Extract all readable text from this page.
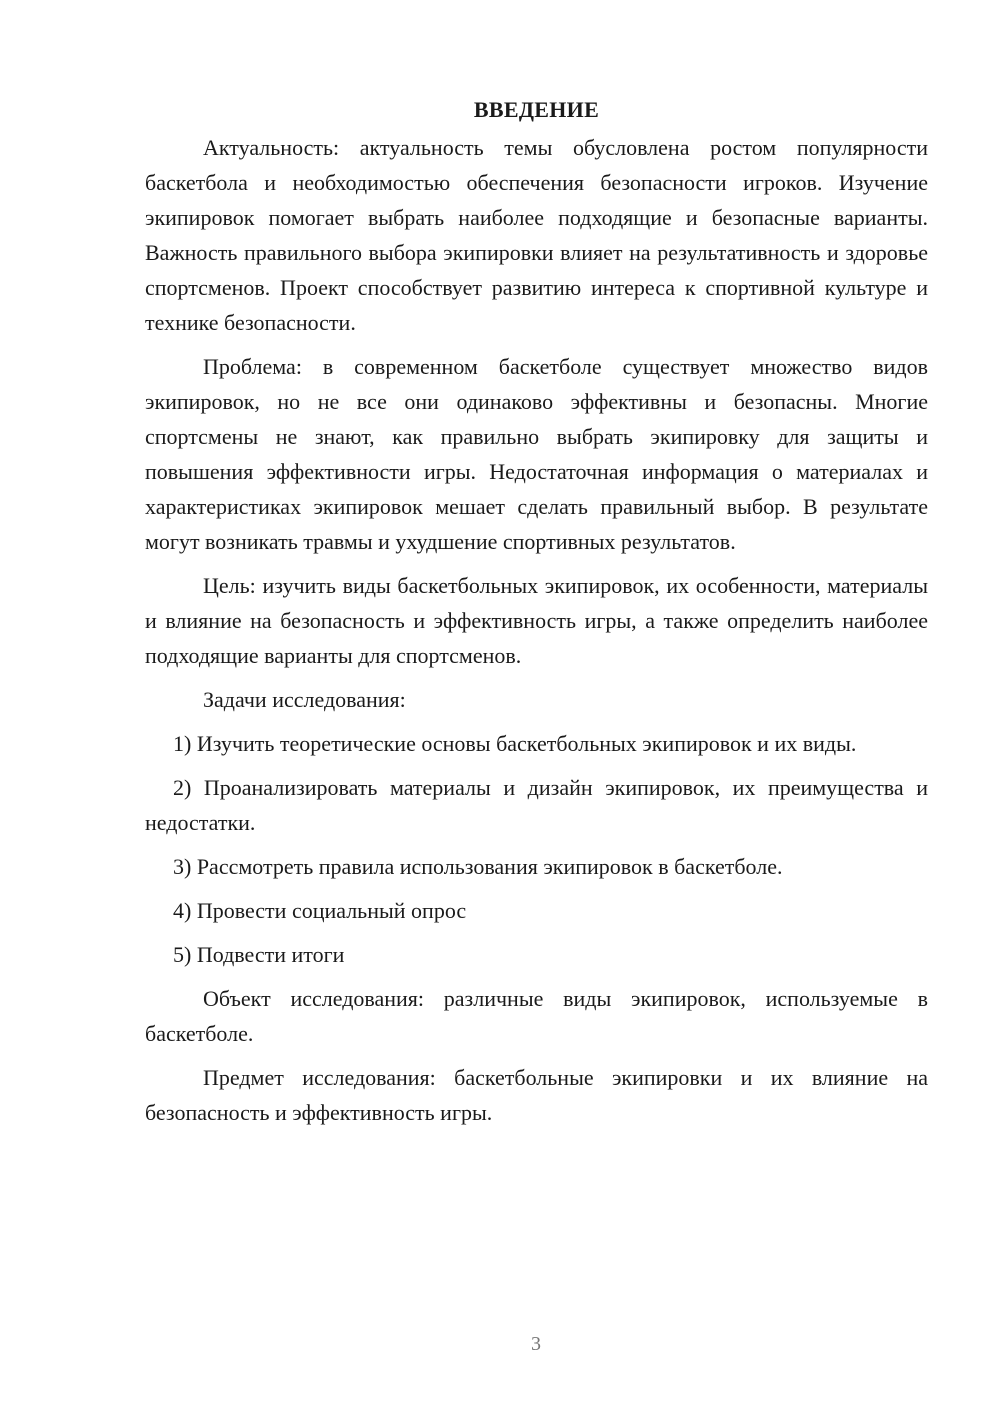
ВВЕДЕНИЕ

Актуальность: актуальность темы обусловлена ростом популярности баскетбола и необходимостью обеспечения безопасности игроков. Изучение экипировок помогает выбрать наиболее подходящие и безопасные варианты. Важность правильного выбора экипировки влияет на результативность и здоровье спортсменов. Проект способствует развитию интереса к спортивной культуре и технике безопасности.

Проблема: в современном баскетболе существует множество видов экипировок, но не все они одинаково эффективны и безопасны. Многие спортсмены не знают, как правильно выбрать экипировку для защиты и повышения эффективности игры. Недостаточная информация о материалах и характеристиках экипировок мешает сделать правильный выбор. В результате могут возникать травмы и ухудшение спортивных результатов.

Цель: изучить виды баскетбольных экипировок, их особенности, материалы и влияние на безопасность и эффективность игры, а также определить наиболее подходящие варианты для спортсменов.

Задачи исследования:

1) Изучить теоретические основы баскетбольных экипировок и их виды.

2) Проанализировать материалы и дизайн экипировок, их преимущества и недостатки.

3) Рассмотреть правила использования экипировок в баскетболе.

4) Провести социальный опрос

5) Подвести итоги

Объект исследования: различные виды экипировок, используемые в баскетболе.

Предмет исследования: баскетбольные экипировки и их влияние на безопасность и эффективность игры.

3
